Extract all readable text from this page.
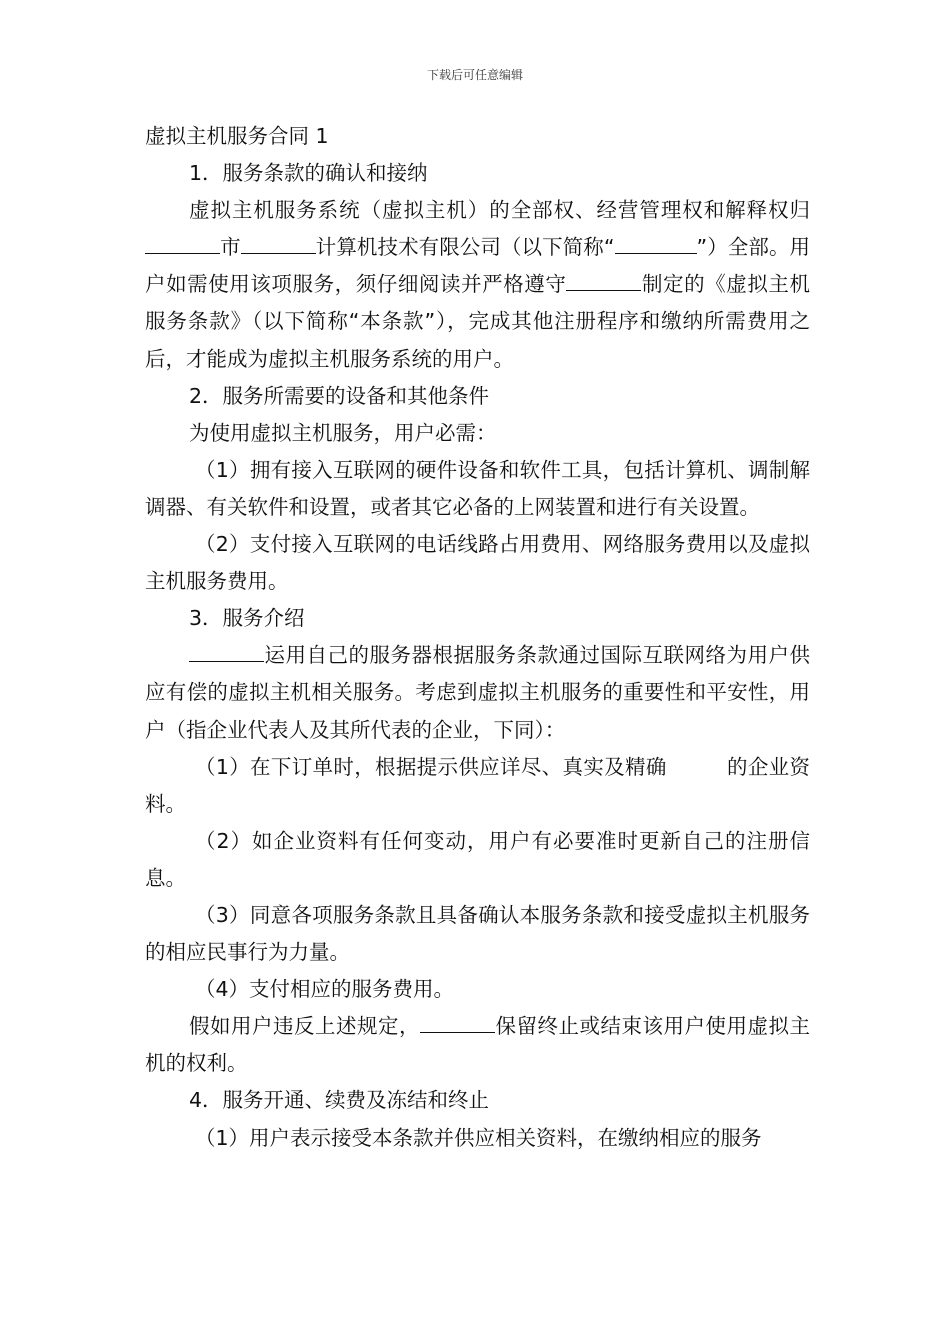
下载后可任意编辑

虚拟主机服务合同 1

1．服务条款的确认和接纳

虚拟主机服务系统（虚拟主机）的全部权、经营管理权和解释权归市	计算机技术有限公司（以下简称“	”）全部。用户如需使用该项服务，须仔细阅读并严格遵守	制定的《虚拟主机服务条款》（以下简称“本条款”），完成其他注册程序和缴纳所需费用之后，才能成为虚拟主机服务系统的用户。

2．服务所需要的设备和其他条件

为使用虚拟主机服务，用户必需：

（1）拥有接入互联网的硬件设备和软件工具，包括计算机、调制解调器、有关软件和设置，或者其它必备的上网装置和进行有关设置。

（2）支付接入互联网的电话线路占用费用、网络服务费用以及虚拟主机服务费用。

3．服务介绍

运用自己的服务器根据服务条款通过国际互联网络为用户供应有偿的虚拟主机相关服务。考虑到虚拟主机服务的重要性和平安性，用户（指企业代表人及其所代表的企业，下同）：

（1）在下订单时，根据提示供应详尽、真实及精确	的企业资料。

（2）如企业资料有任何变动，用户有必要准时更新自己的注册信息。

（3）同意各项服务条款且具备确认本服务条款和接受虚拟主机服务的相应民事行为力量。

（4）支付相应的服务费用。

假如用户违反上述规定，	保留终止或结束该用户使用虚拟主机的权利。

4．服务开通、续费及冻结和终止

（1）用户表示接受本条款并供应相关资料，在缴纳相应的服务
